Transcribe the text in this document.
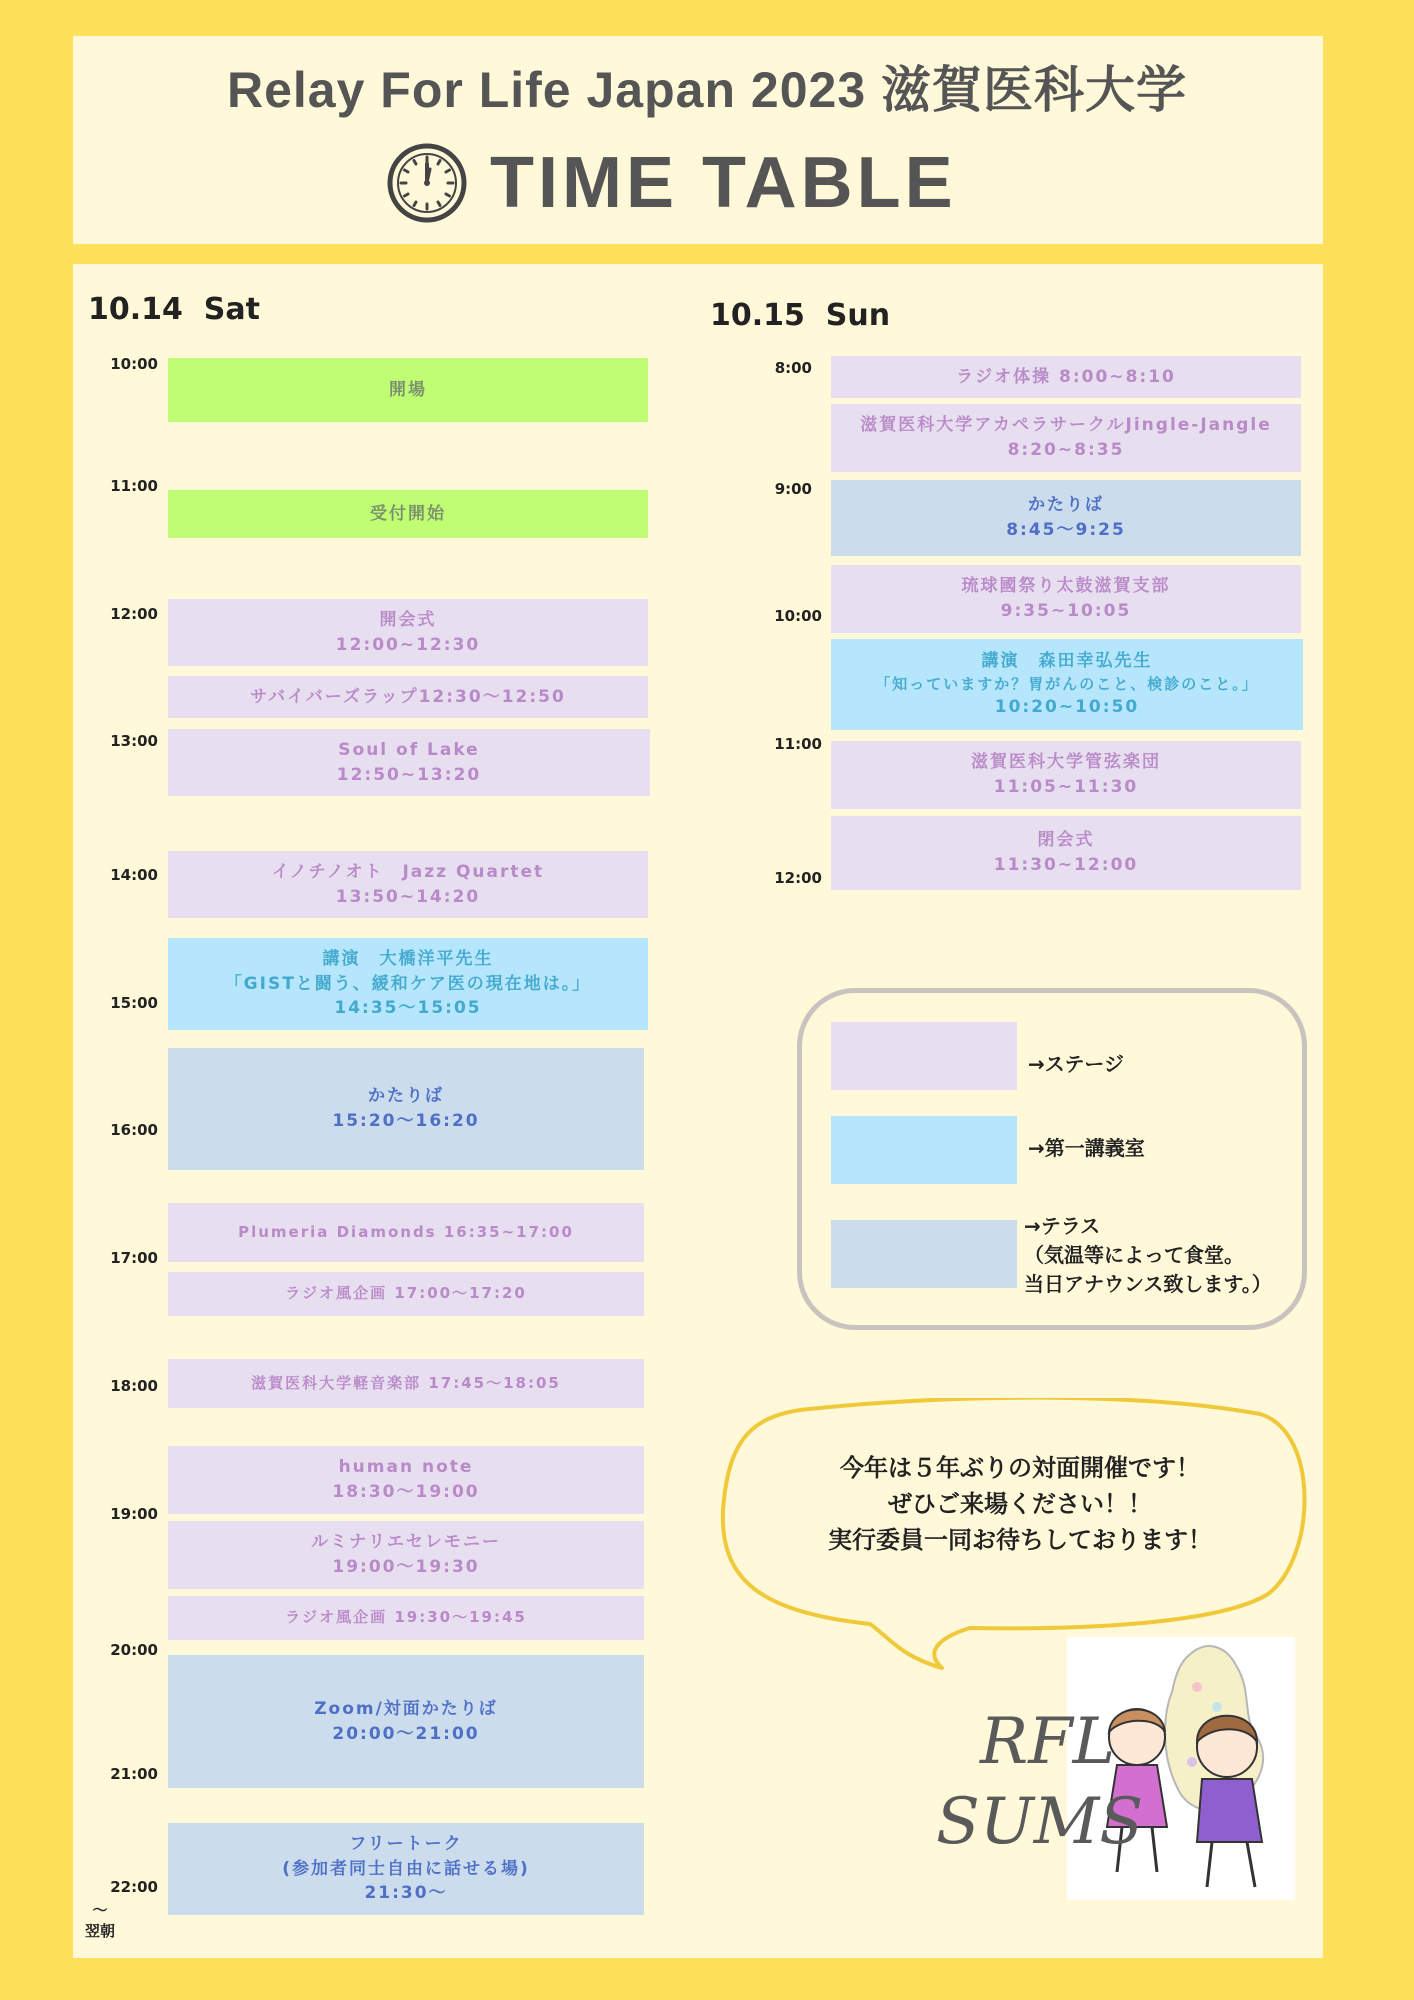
Relay For Life Japan 2023 滋賀医科大学
TIME TABLE
10.14  Sat
10:00
11:00
12:00
13:00
14:00
15:00
16:00
17:00
18:00
19:00
20:00
21:00
22:00
〜
翌朝
開場
受付開始
開会式
12:00~12:30
サバイバーズラップ12:30〜12:50
Soul of Lake
12:50~13:20
イノチノオト　Jazz Quartet
13:50~14:20
講演　大橋洋平先生
「GISTと闘う、緩和ケア医の現在地は。」
14:35〜15:05
かたりば
15:20〜16:20
Plumeria Diamonds 16:35~17:00
ラジオ風企画 17:00〜17:20
滋賀医科大学軽音楽部 17:45〜18:05
human note
18:30〜19:00
ルミナリエセレモニー
19:00〜19:30
ラジオ風企画 19:30〜19:45
Zoom/対面かたりば
20:00〜21:00
フリートーク
(参加者同士自由に話せる場)
21:30〜
10.15  Sun
8:00
9:00
10:00
11:00
12:00
ラジオ体操 8:00~8:10
滋賀医科大学アカペラサークルJingle-Jangle
8:20~8:35
かたりば
8:45〜9:25
琉球國祭り太鼓滋賀支部
9:35~10:05
講演　森田幸弘先生
「知っていますか？胃がんのこと、検診のこと。」
10:20~10:50
滋賀医科大学管弦楽団
11:05~11:30
閉会式
11:30~12:00
→ステージ
→第一講義室
→テラス
（気温等によって食堂。
当日アナウンス致します。）
今年は５年ぶりの対面開催です！
ぜひご来場ください！！
実行委員一同お待ちしております！
RFL
SUMS
